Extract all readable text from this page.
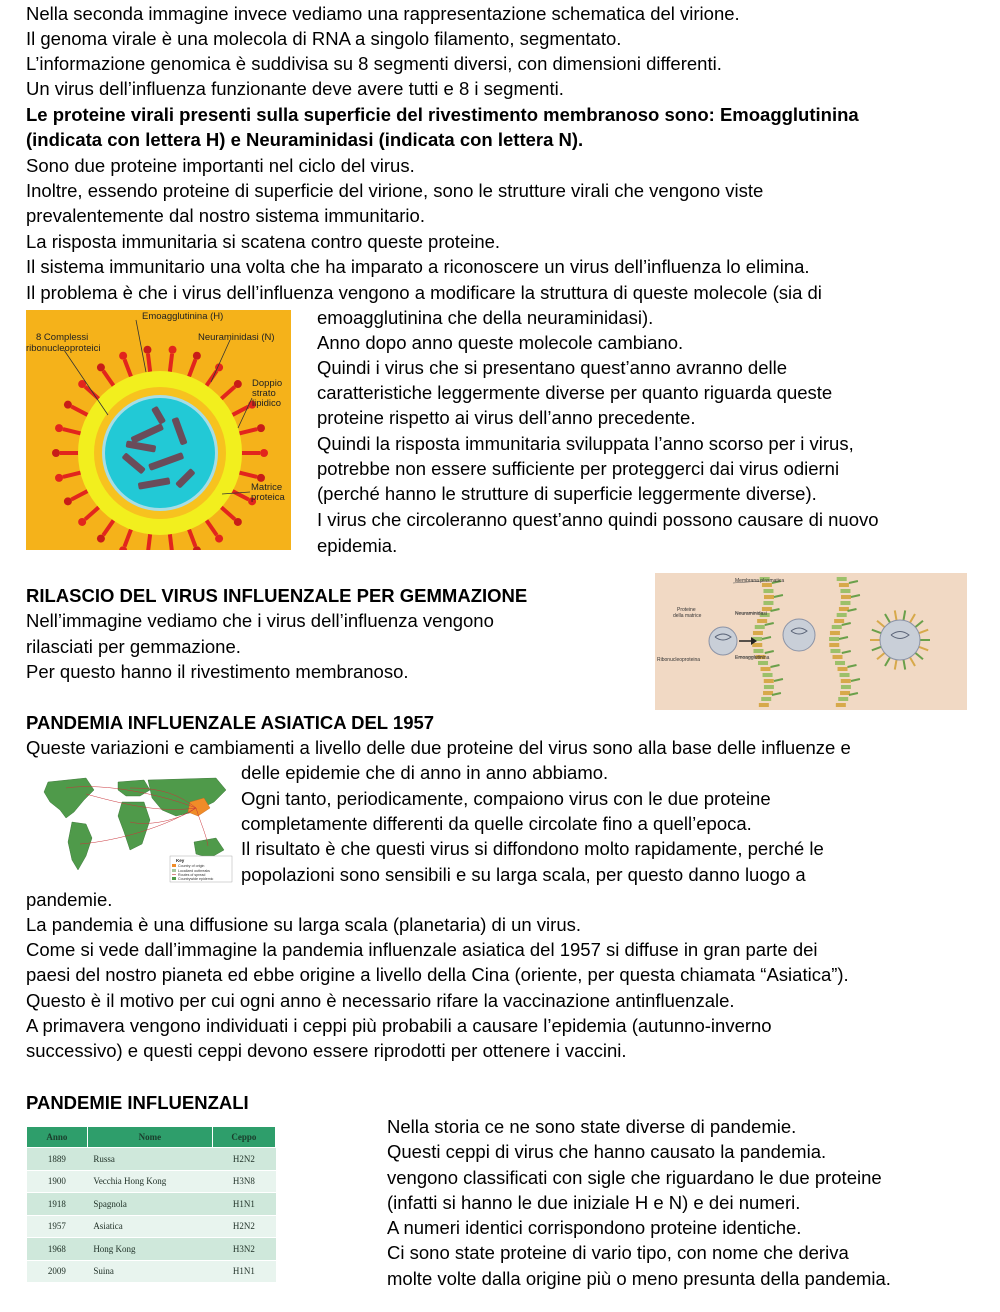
Nella seconda immagine invece vediamo una rappresentazione schematica del virione.
Il genoma virale è una molecola di RNA a singolo filamento, segmentato.
L’informazione genomica è suddivisa su 8 segmenti diversi, con dimensioni differenti.
Un virus dell’influenza funzionante deve avere tutti e 8 i segmenti.
Le proteine virali presenti sulla superficie del rivestimento membranoso sono: Emoagglutinina
(indicata con lettera H) e Neuraminidasi (indicata con lettera N).
Sono due proteine importanti nel ciclo del virus.
Inoltre, essendo proteine di superficie del virione, sono le strutture virali che vengono viste
prevalentemente dal nostro sistema immunitario.
La risposta immunitaria si scatena contro queste proteine.
Il sistema immunitario una volta che ha imparato a riconoscere un virus dell’influenza lo elimina.
Il problema è che i virus dell’influenza vengono a modificare la struttura di queste molecole (sia di
emoagglutinina che della neuraminidasi).
Anno dopo anno queste molecole cambiano.
Quindi i virus che si presentano quest’anno avranno delle
caratteristiche leggermente diverse per quanto riguarda queste
proteine rispetto ai virus dell’anno precedente.
Quindi la risposta immunitaria sviluppata l’anno scorso per i virus,
potrebbe non essere sufficiente per proteggerci dai virus odierni
(perché hanno le strutture di superficie leggermente diverse).
I virus che circoleranno quest’anno quindi possono causare di nuovo
epidemia.
Emoagglutinina (H)
8 Complessi
ribonucleoproteici
Neuraminidasi (N)
Doppio
strato
lipidico
Matrice
proteica
RILASCIO DEL VIRUS INFLUENZALE PER GEMMAZIONE
Nell’immagine vediamo che i virus dell’influenza vengono
rilasciati per gemmazione.
Per questo hanno il rivestimento membranoso.
Membrana plasmatica
Proteine
della matrice	Neuraminidasi
Ribonucleoproteina	Emoagglutinina
PANDEMIA INFLUENZALE ASIATICA DEL 1957
Queste variazioni e cambiamenti a livello delle due proteine del virus sono alla base delle influenze e
delle epidemie che di anno in anno abbiamo.
Ogni tanto, periodicamente, compaiono virus con le due proteine
completamente differenti da quelle circolate fino a quell’epoca.
Il risultato è che questi virus si diffondono molto rapidamente, perché le
popolazioni sono sensibili e su larga scala, per questo danno luogo a
pandemie.
La pandemia è una diffusione su larga scala (planetaria) di un virus.
Come si vede dall’immagine la pandemia influenzale asiatica del 1957 si diffuse in gran parte dei
paesi del nostro pianeta ed ebbe origine a livello della Cina (oriente, per questa chiamata “Asiatica”).
Questo è il motivo per cui ogni anno è necessario rifare la vaccinazione antinfluenzale.
A primavera vengono individuati i ceppi più probabili a causare l’epidemia (autunno-inverno
successivo) e questi ceppi devono essere riprodotti per ottenere i vaccini.
Key
Country of origin
Localized outbreaks
Routes of spread
Countrywide epidemic
PANDEMIE INFLUENZALI
Anno	Nome	Ceppo
1889	Russa	H2N2
1900	Vecchia Hong Kong	H3N8
1918	Spagnola	H1N1
1957	Asiatica	H2N2
1968	Hong Kong	H3N2
2009	Suina	H1N1
Nella storia ce ne sono state diverse di pandemie.
Questi ceppi di virus che hanno causato la pandemia.
vengono classificati con sigle che riguardano le due proteine
(infatti si hanno le due iniziale H e N) e dei numeri.
A numeri identici corrispondono proteine identiche.
Ci sono state proteine di vario tipo, con nome che deriva
molte volte dalla origine più o meno presunta della pandemia.
